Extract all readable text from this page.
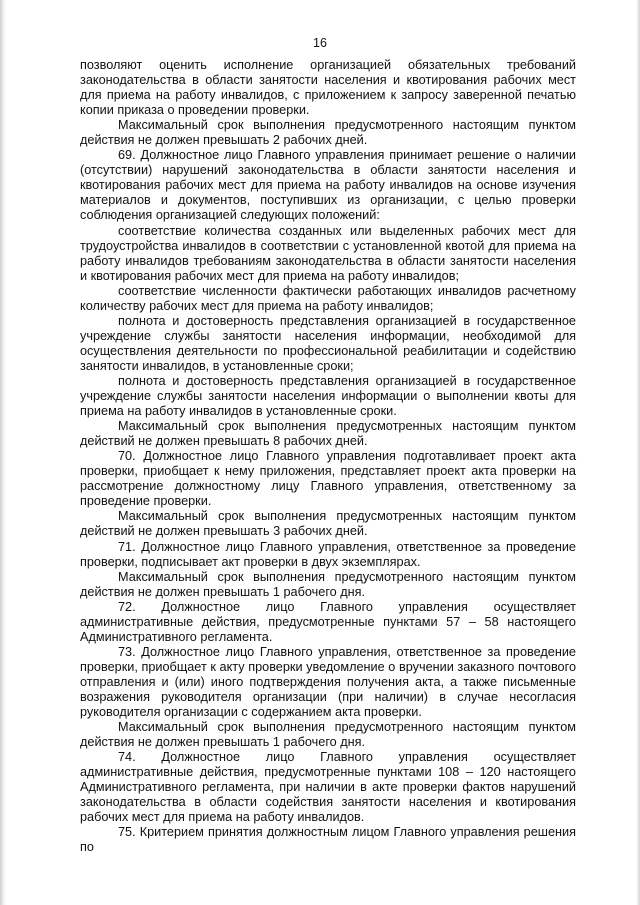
16

позволяют оценить исполнение организацией обязательных требований законодательства в области занятости населения и квотирования рабочих мест для приема на работу инвалидов, с приложением к запросу заверенной печатью копии приказа о проведении проверки.

Максимальный срок выполнения предусмотренного настоящим пунктом действия не должен превышать 2 рабочих дней.

69. Должностное лицо Главного управления принимает решение о наличии (отсутствии) нарушений законодательства в области занятости населения и квотирования рабочих мест для приема на работу инвалидов на основе изучения материалов и документов, поступивших из организации, с целью проверки соблюдения организацией следующих положений:

соответствие количества созданных или выделенных рабочих мест для трудоустройства инвалидов в соответствии с установленной квотой для приема на работу инвалидов требованиям законодательства в области занятости населения и квотирования рабочих мест для приема на работу инвалидов;

соответствие численности фактически работающих инвалидов расчетному количеству рабочих мест для приема на работу инвалидов;

полнота и достоверность представления организацией в государственное учреждение службы занятости населения информации, необходимой для осуществления деятельности по профессиональной реабилитации и содействию занятости инвалидов, в установленные сроки;

полнота и достоверность представления организацией в государственное учреждение службы занятости населения информации о выполнении квоты для приема на работу инвалидов в установленные сроки.

Максимальный срок выполнения предусмотренных настоящим пунктом действий не должен превышать 8 рабочих дней.

70. Должностное лицо Главного управления подготавливает проект акта проверки, приобщает к нему приложения, представляет проект акта проверки на рассмотрение должностному лицу Главного управления, ответственному за проведение проверки.

Максимальный срок выполнения предусмотренных настоящим пунктом действий не должен превышать 3 рабочих дней.

71. Должностное лицо Главного управления, ответственное за проведение проверки, подписывает акт проверки в двух экземплярах.

Максимальный срок выполнения предусмотренного настоящим пунктом действия не должен превышать 1 рабочего дня.

72. Должностное лицо Главного управления осуществляет административные действия, предусмотренные пунктами 57 – 58 настоящего Административного регламента.

73. Должностное лицо Главного управления, ответственное за проведение проверки, приобщает к акту проверки уведомление о вручении заказного почтового отправления и (или) иного подтверждения получения акта, а также письменные возражения руководителя организации (при наличии) в случае несогласия руководителя организации с содержанием акта проверки.

Максимальный срок выполнения предусмотренного настоящим пунктом действия не должен превышать 1 рабочего дня.

74. Должностное лицо Главного управления осуществляет административные действия, предусмотренные пунктами 108 – 120 настоящего Административного регламента, при наличии в акте проверки фактов нарушений законодательства в области содействия занятости населения и квотирования рабочих мест для приема на работу инвалидов.

75. Критерием принятия должностным лицом Главного управления решения по
